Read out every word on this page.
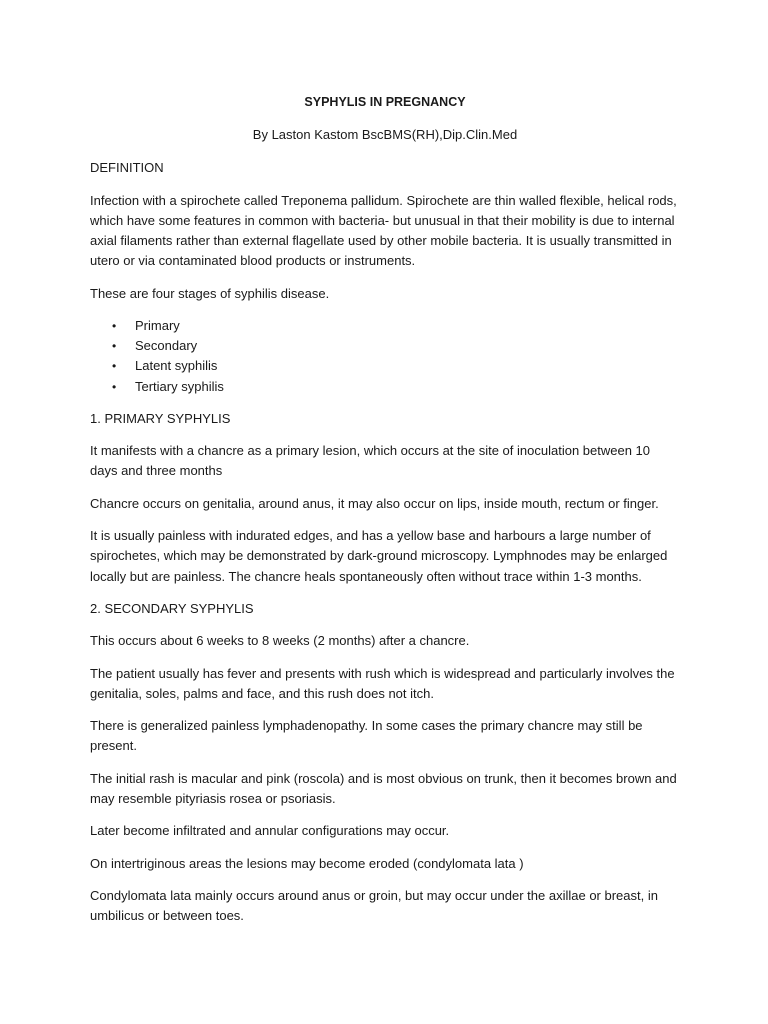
SYPHYLIS IN PREGNANCY
By Laston Kastom BscBMS(RH),Dip.Clin.Med

DEFINITION

Infection with a spirochete called Treponema pallidum. Spirochete are thin walled flexible, helical rods, which have some features in common with bacteria- but unusual in that their mobility is due to internal axial filaments rather than external flagellate used by other mobile bacteria. It is usually transmitted in utero or via contaminated blood products or instruments.

These are four stages of syphilis disease.

• Primary
• Secondary
• Latent syphilis
• Tertiary syphilis

1. PRIMARY SYPHYLIS

It manifests with a chancre as a primary lesion, which occurs at the site of inoculation between 10 days and three months

Chancre occurs on genitalia, around anus, it may also occur on lips, inside mouth, rectum or finger.

It is usually painless with indurated edges, and has a yellow base and harbours a large number of spirochetes, which may be demonstrated by dark-ground microscopy. Lymphnodes may be enlarged locally but are painless. The chancre heals spontaneously often without trace within 1-3 months.

2. SECONDARY SYPHYLIS

This occurs about 6 weeks to 8 weeks (2 months) after a chancre.

The patient usually has fever and presents with rush which is widespread and particularly involves the genitalia, soles, palms and face, and this rush does not itch.

There is generalized painless lymphadenopathy. In some cases the primary chancre may still be present.

The initial rash is macular and pink (roscola) and is most obvious on trunk, then it becomes brown and may resemble pityriasis rosea or psoriasis.

Later become infiltrated and annular configurations may occur.

On intertriginous areas the lesions may become eroded (condylomata lata )

Condylomata lata mainly occurs around anus or groin, but may occur under the axillae or breast, in umbilicus or between toes.
